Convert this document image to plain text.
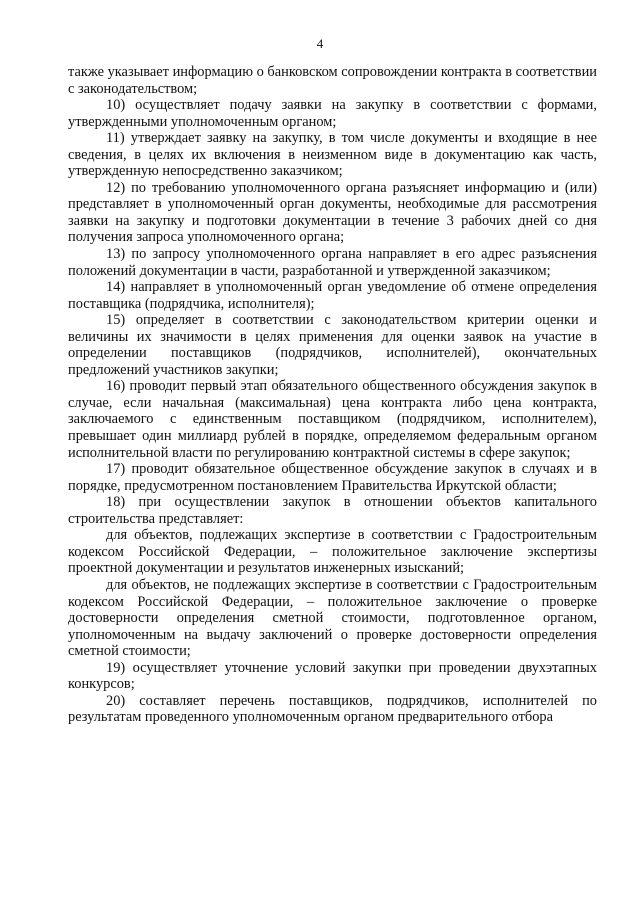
4

также указывает информацию о банковском сопровождении контракта в соответствии с законодательством;

10) осуществляет подачу заявки на закупку в соответствии с формами, утвержденными уполномоченным органом;

11) утверждает заявку на закупку, в том числе документы и входящие в нее сведения, в целях их включения в неизменном виде в документацию как часть, утвержденную непосредственно заказчиком;

12) по требованию уполномоченного органа разъясняет информацию и (или) представляет в уполномоченный орган документы, необходимые для рассмотрения заявки на закупку и подготовки документации в течение 3 рабочих дней со дня получения запроса уполномоченного органа;

13) по запросу уполномоченного органа направляет в его адрес разъяснения положений документации в части, разработанной и утвержденной заказчиком;

14) направляет в уполномоченный орган уведомление об отмене определения поставщика (подрядчика, исполнителя);

15) определяет в соответствии с законодательством критерии оценки и величины их значимости в целях применения для оценки заявок на участие в определении поставщиков (подрядчиков, исполнителей), окончательных предложений участников закупки;

16) проводит первый этап обязательного общественного обсуждения закупок в случае, если начальная (максимальная) цена контракта либо цена контракта, заключаемого с единственным поставщиком (подрядчиком, исполнителем), превышает один миллиард рублей в порядке, определяемом федеральным органом исполнительной власти по регулированию контрактной системы в сфере закупок;

17) проводит обязательное общественное обсуждение закупок в случаях и в порядке, предусмотренном постановлением Правительства Иркутской области;

18) при осуществлении закупок в отношении объектов капитального строительства представляет:

для объектов, подлежащих экспертизе в соответствии с Градостроительным кодексом Российской Федерации, – положительное заключение экспертизы проектной документации и результатов инженерных изысканий;

для объектов, не подлежащих экспертизе в соответствии с Градостроительным кодексом Российской Федерации, – положительное заключение о проверке достоверности определения сметной стоимости, подготовленное органом, уполномоченным на выдачу заключений о проверке достоверности определения сметной стоимости;

19) осуществляет уточнение условий закупки при проведении двухэтапных конкурсов;

20) составляет перечень поставщиков, подрядчиков, исполнителей по результатам проведенного уполномоченным органом предварительного отбора
